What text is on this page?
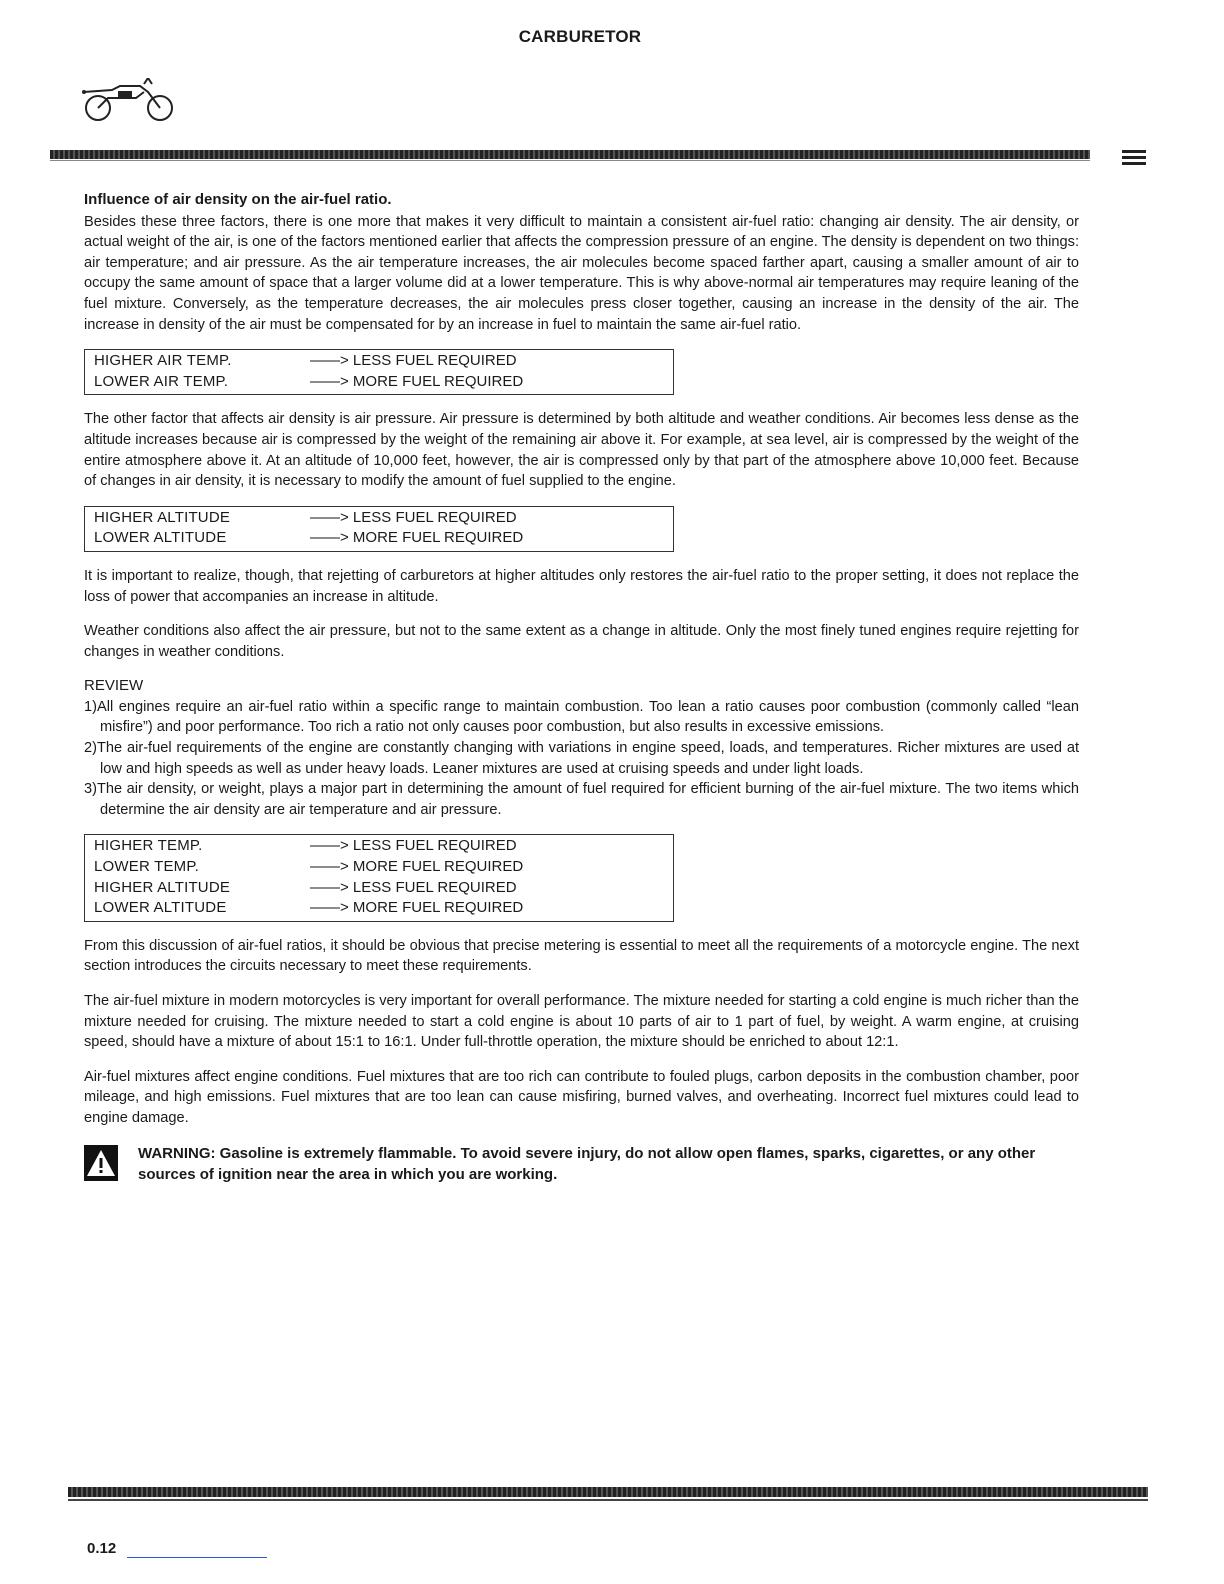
CARBURETOR
Influence of air density on the air-fuel ratio.

Besides these three factors, there is one more that makes it very difficult to maintain a consistent air-fuel ratio: changing air density. The air density, or actual weight of the air, is one of the factors mentioned earlier that affects the compression pressure of an engine. The density is dependent on two things: air temperature; and air pressure. As the air temperature increases, the air molecules become spaced farther apart, causing a smaller amount of air to occupy the same amount of space that a larger volume did at a lower temperature. This is why above-normal air temperatures may require leaning of the fuel mixture. Conversely, as the temperature decreases, the air molecules press closer together, causing an increase in the density of the air. The increase in density of the air must be compensated for by an increase in fuel to maintain the same air-fuel ratio.

HIGHER AIR TEMP.	——> LESS FUEL REQUIRED
LOWER AIR TEMP.	——> MORE FUEL REQUIRED

The other factor that affects air density is air pressure. Air pressure is determined by both altitude and weather conditions. Air becomes less dense as the altitude increases because air is compressed by the weight of the remaining air above it. For example, at sea level, air is compressed by the weight of the entire atmosphere above it. At an altitude of 10,000 feet, however, the air is compressed only by that part of the atmosphere above 10,000 feet. Because of changes in air density, it is necessary to modify the amount of fuel supplied to the engine.

HIGHER ALTITUDE	——> LESS FUEL REQUIRED
LOWER ALTITUDE	——> MORE FUEL REQUIRED

It is important to realize, though, that rejetting of carburetors at higher altitudes only restores the air-fuel ratio to the proper setting, it does not replace the loss of power that accompanies an increase in altitude.

Weather conditions also affect the air pressure, but not to the same extent as a change in altitude. Only the most finely tuned engines require rejetting for changes in weather conditions.

REVIEW
1)All engines require an air-fuel ratio within a specific range to maintain combustion. Too lean a ratio causes poor combustion (commonly called “lean misfire”) and poor performance. Too rich a ratio not only causes poor combustion, but also results in excessive emissions.
2)The air-fuel requirements of the engine are constantly changing with variations in engine speed, loads, and temperatures. Richer mixtures are used at low and high speeds as well as under heavy loads. Leaner mixtures are used at cruising speeds and under light loads.
3)The air density, or weight, plays a major part in determining the amount of fuel required for efficient burning of the air-fuel mixture. The two items which determine the air density are air temperature and air pressure.
HIGHER TEMP.	——> LESS FUEL REQUIRED
LOWER TEMP.	——> MORE FUEL REQUIRED
HIGHER ALTITUDE	——> LESS FUEL REQUIRED
LOWER ALTITUDE	——> MORE FUEL REQUIRED

From this discussion of air-fuel ratios, it should be obvious that precise metering is essential to meet all the requirements of a motorcycle engine. The next section introduces the circuits necessary to meet these requirements.

The air-fuel mixture in modern motorcycles is very important for overall performance. The mixture needed for starting a cold engine is much richer than the mixture needed for cruising. The mixture needed to start a cold engine is about 10 parts of air to 1 part of fuel, by weight. A warm engine, at cruising speed, should have a mixture of about 15:1 to 16:1. Under full-throttle operation, the mixture should be enriched to about 12:1.

Air-fuel mixtures affect engine conditions. Fuel mixtures that are too rich can contribute to fouled plugs, carbon deposits in the combustion chamber, poor mileage, and high emissions. Fuel mixtures that are too lean can cause misfiring, burned valves, and overheating. Incorrect fuel mixtures could lead to engine damage.

WARNING: Gasoline is extremely flammable. To avoid severe injury, do not allow open flames, sparks, cigarettes, or any other sources of ignition near the area in which you are working.
0.12
